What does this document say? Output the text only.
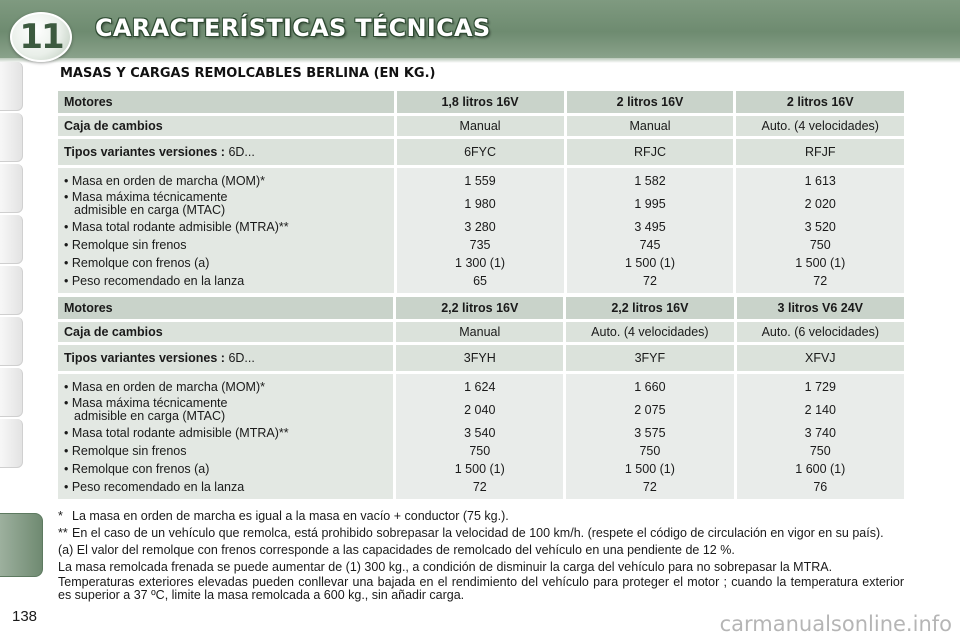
11	CARACTERÍSTICAS TÉCNICAS
MASAS Y CARGAS REMOLCABLES BERLINA (EN KG.)
Motores	1,8 litros 16V	2 litros 16V	2 litros 16V

Caja de cambios	Manual	Manual	Auto. (4 velocidades)

Tipos variantes versiones : 6D...	6FYC	RFJC	RFJF

• Masa en orden de marcha (MOM)*	1 559	1 582	1 613
• Masa máxima técnicamente
admisible en carga (MTAC)	1 980	1 995	2 020
• Masa total rodante admisible (MTRA)**	3 280	3 495	3 520
• Remolque sin frenos	735	745	750
• Remolque con frenos (a)	1 300 (1)	1 500 (1)	1 500 (1)
• Peso recomendado en la lanza	65	72	72
Motores	2,2 litros 16V	2,2 litros 16V	3 litros V6 24V

Caja de cambios	Manual	Auto. (4 velocidades)	Auto. (6 velocidades)

Tipos variantes versiones : 6D...	3FYH	3FYF	XFVJ

• Masa en orden de marcha (MOM)*	1 624	1 660	1 729
• Masa máxima técnicamente
admisible en carga (MTAC)	2 040	2 075	2 140
• Masa total rodante admisible (MTRA)**	3 540	3 575	3 740
• Remolque sin frenos	750	750	750
• Remolque con frenos (a)	1 500 (1)	1 500 (1)	1 600 (1)
• Peso recomendado en la lanza	72	72	76

* La masa en orden de marcha es igual a la masa en vacío + conductor (75 kg.).

** En el caso de un vehículo que remolca, está prohibido sobrepasar la velocidad de 100 km/h. (respete el código de circulación en vigor en su país).

(a) El valor del remolque con frenos corresponde a las capacidades de remolcado del vehículo en una pendiente de 12 %.

La masa remolcada frenada se puede aumentar de (1) 300 kg., a condición de disminuir la carga del vehículo para no sobrepasar la MTRA.

Temperaturas exteriores elevadas pueden conllevar una bajada en el rendimiento del vehículo para proteger el motor ; cuando la temperatura exterior es superior a 37 ºC, limite la masa remolcada a 600 kg., sin añadir carga.

138	carmanualsonline.info
